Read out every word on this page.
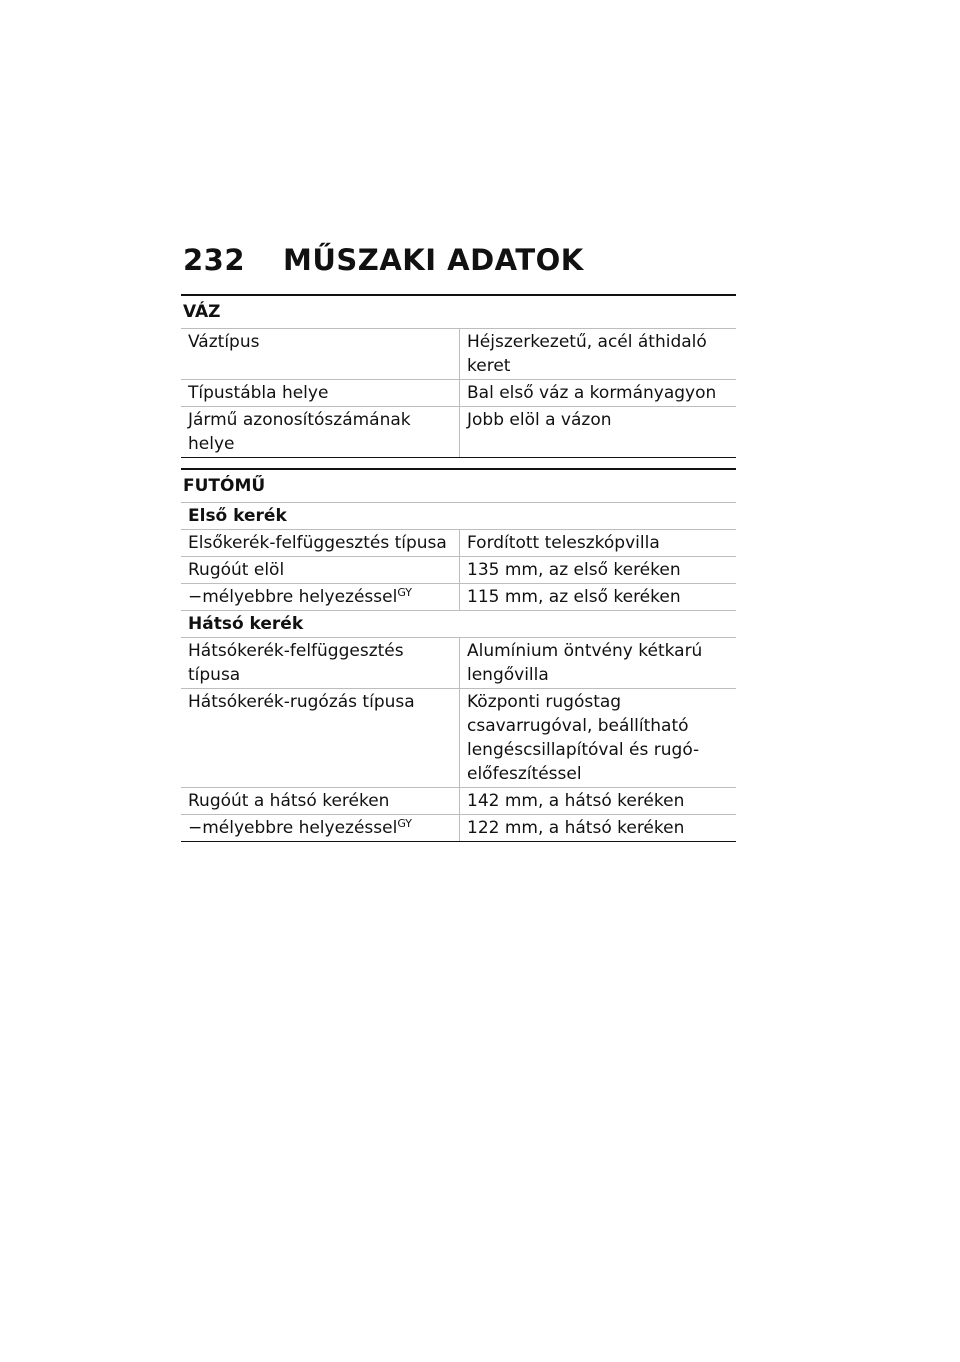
232 MŰSZAKI ADATOK
VÁZ
Váztípus	Héjszerkezetű, acél áthidaló keret
Típustábla helye	Bal első váz a kormányagyon
Jármű azonosítószámának helye	Jobb elöl a vázon
FUTÓMŰ
Első kerék	
Elsőkerék-felfüggesztés típusa	Fordított teleszkópvilla
Rugóút elöl	135 mm, az első keréken
−mélyebbre helyezéssel$^{GY}$	115 mm, az első keréken
Hátsó kerék	
Hátsókerék-felfüggesztés típusa	Alumínium öntvény kétkarú lengővilla
Hátsókerék-rugózás típusa	Központi rugóstag csavarrugóval, beállítható lengéscsillapítóval és rugó-előfeszítéssel
Rugóút a hátsó keréken	142 mm, a hátsó keréken
−mélyebbre helyezéssel$^{GY}$	122 mm, a hátsó keréken
